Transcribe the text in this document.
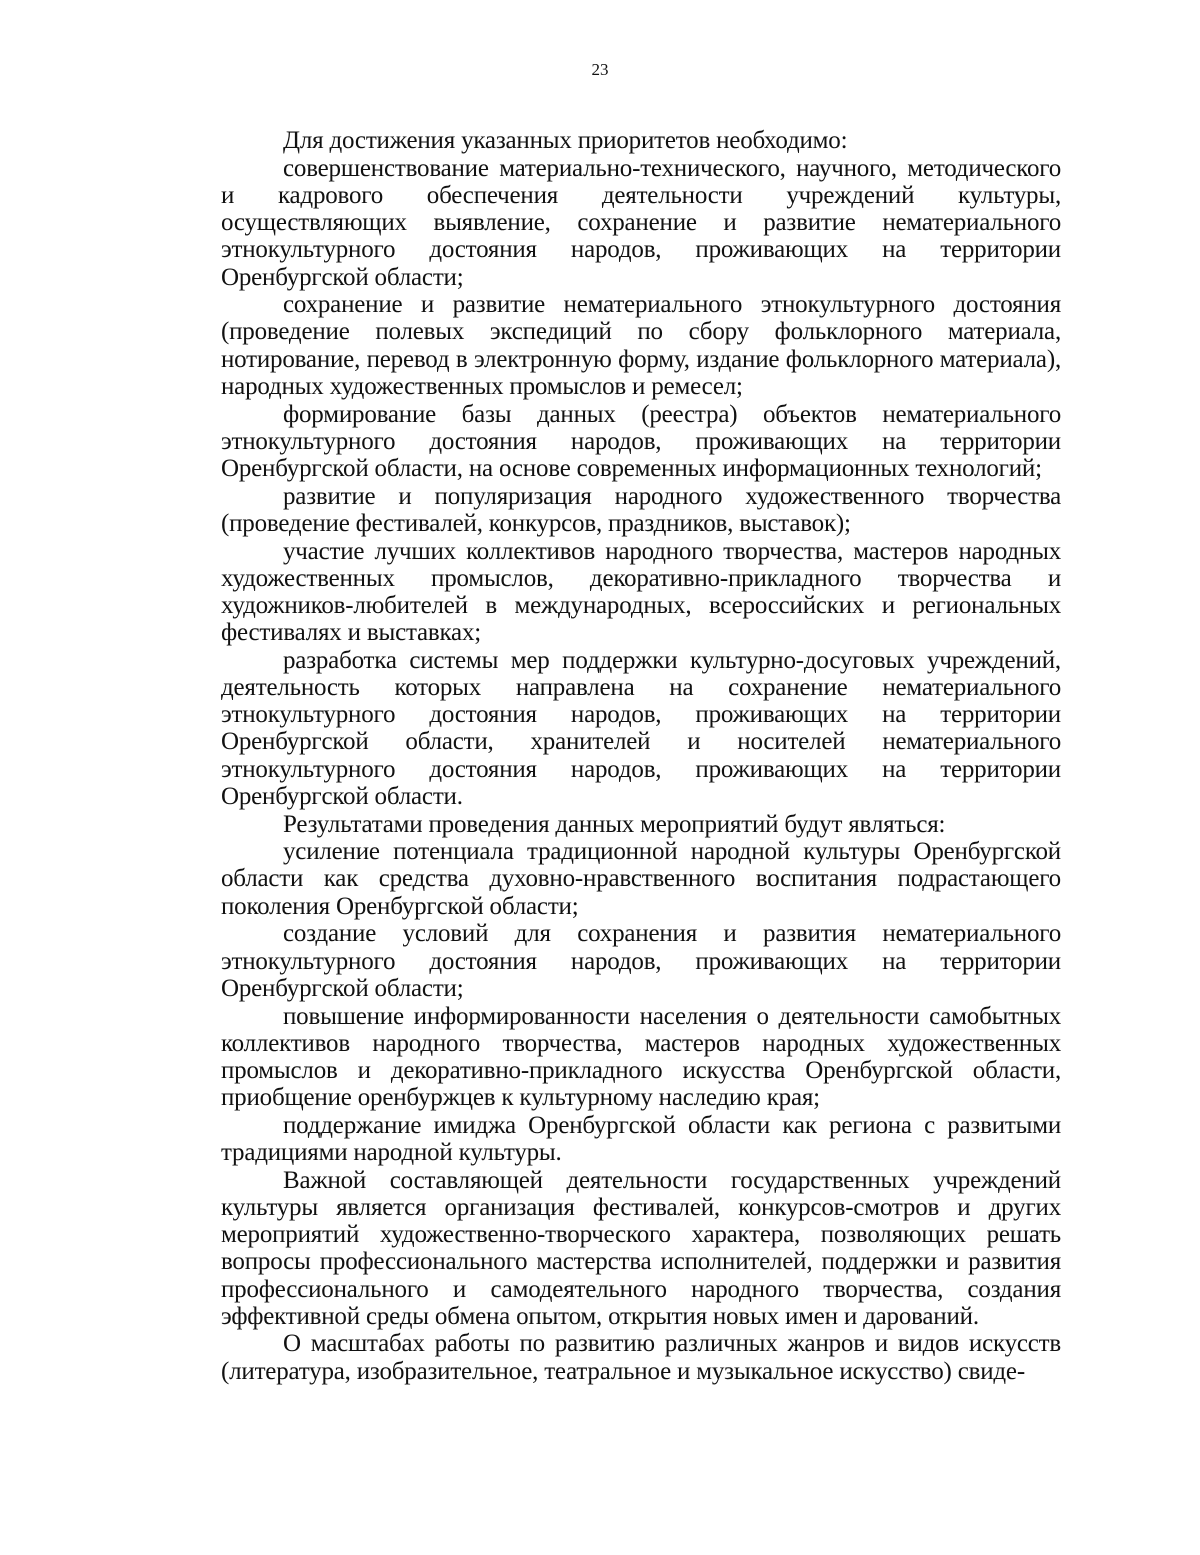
23

Для достижения указанных приоритетов необходимо:

совершенствование материально-технического, научного, методического и кадрового обеспечения деятельности учреждений культуры, осуществляющих выявление, сохранение и развитие нематериального этнокультурного достояния народов, проживающих на территории Оренбургской области;

сохранение и развитие нематериального этнокультурного достояния (проведение полевых экспедиций по сбору фольклорного материала, нотирование, перевод в электронную форму, издание фольклорного материала), народных художественных промыслов и ремесел;

формирование базы данных (реестра) объектов нематериального этнокультурного достояния народов, проживающих на территории Оренбургской области, на основе современных информационных технологий;

развитие и популяризация народного художественного творчества (проведение фестивалей, конкурсов, праздников, выставок);

участие лучших коллективов народного творчества, мастеров народных художественных промыслов, декоративно-прикладного творчества и художников-любителей в международных, всероссийских и региональных фестивалях и выставках;

разработка системы мер поддержки культурно-досуговых учреждений, деятельность которых направлена на сохранение нематериального этнокультурного достояния народов, проживающих на территории Оренбургской области, хранителей и носителей нематериального этнокультурного достояния народов, проживающих на территории Оренбургской области.

Результатами проведения данных мероприятий будут являться:

усиление потенциала традиционной народной культуры Оренбургской области как средства духовно-нравственного воспитания подрастающего поколения Оренбургской области;

создание условий для сохранения и развития нематериального этнокультурного достояния народов, проживающих на территории Оренбургской области;

повышение информированности населения о деятельности самобытных коллективов народного творчества, мастеров народных художественных промыслов и декоративно-прикладного искусства Оренбургской области, приобщение оренбуржцев к культурному наследию края;

поддержание имиджа Оренбургской области как региона с развитыми традициями народной культуры.

Важной составляющей деятельности государственных учреждений культуры является организация фестивалей, конкурсов-смотров и других мероприятий художественно-творческого характера, позволяющих решать вопросы профессионального мастерства исполнителей, поддержки и развития профессионального и самодеятельного народного творчества, создания эффективной среды обмена опытом, открытия новых имен и дарований.

О масштабах работы по развитию различных жанров и видов искусств (литература, изобразительное, театральное и музыкальное искусство) свиде-
